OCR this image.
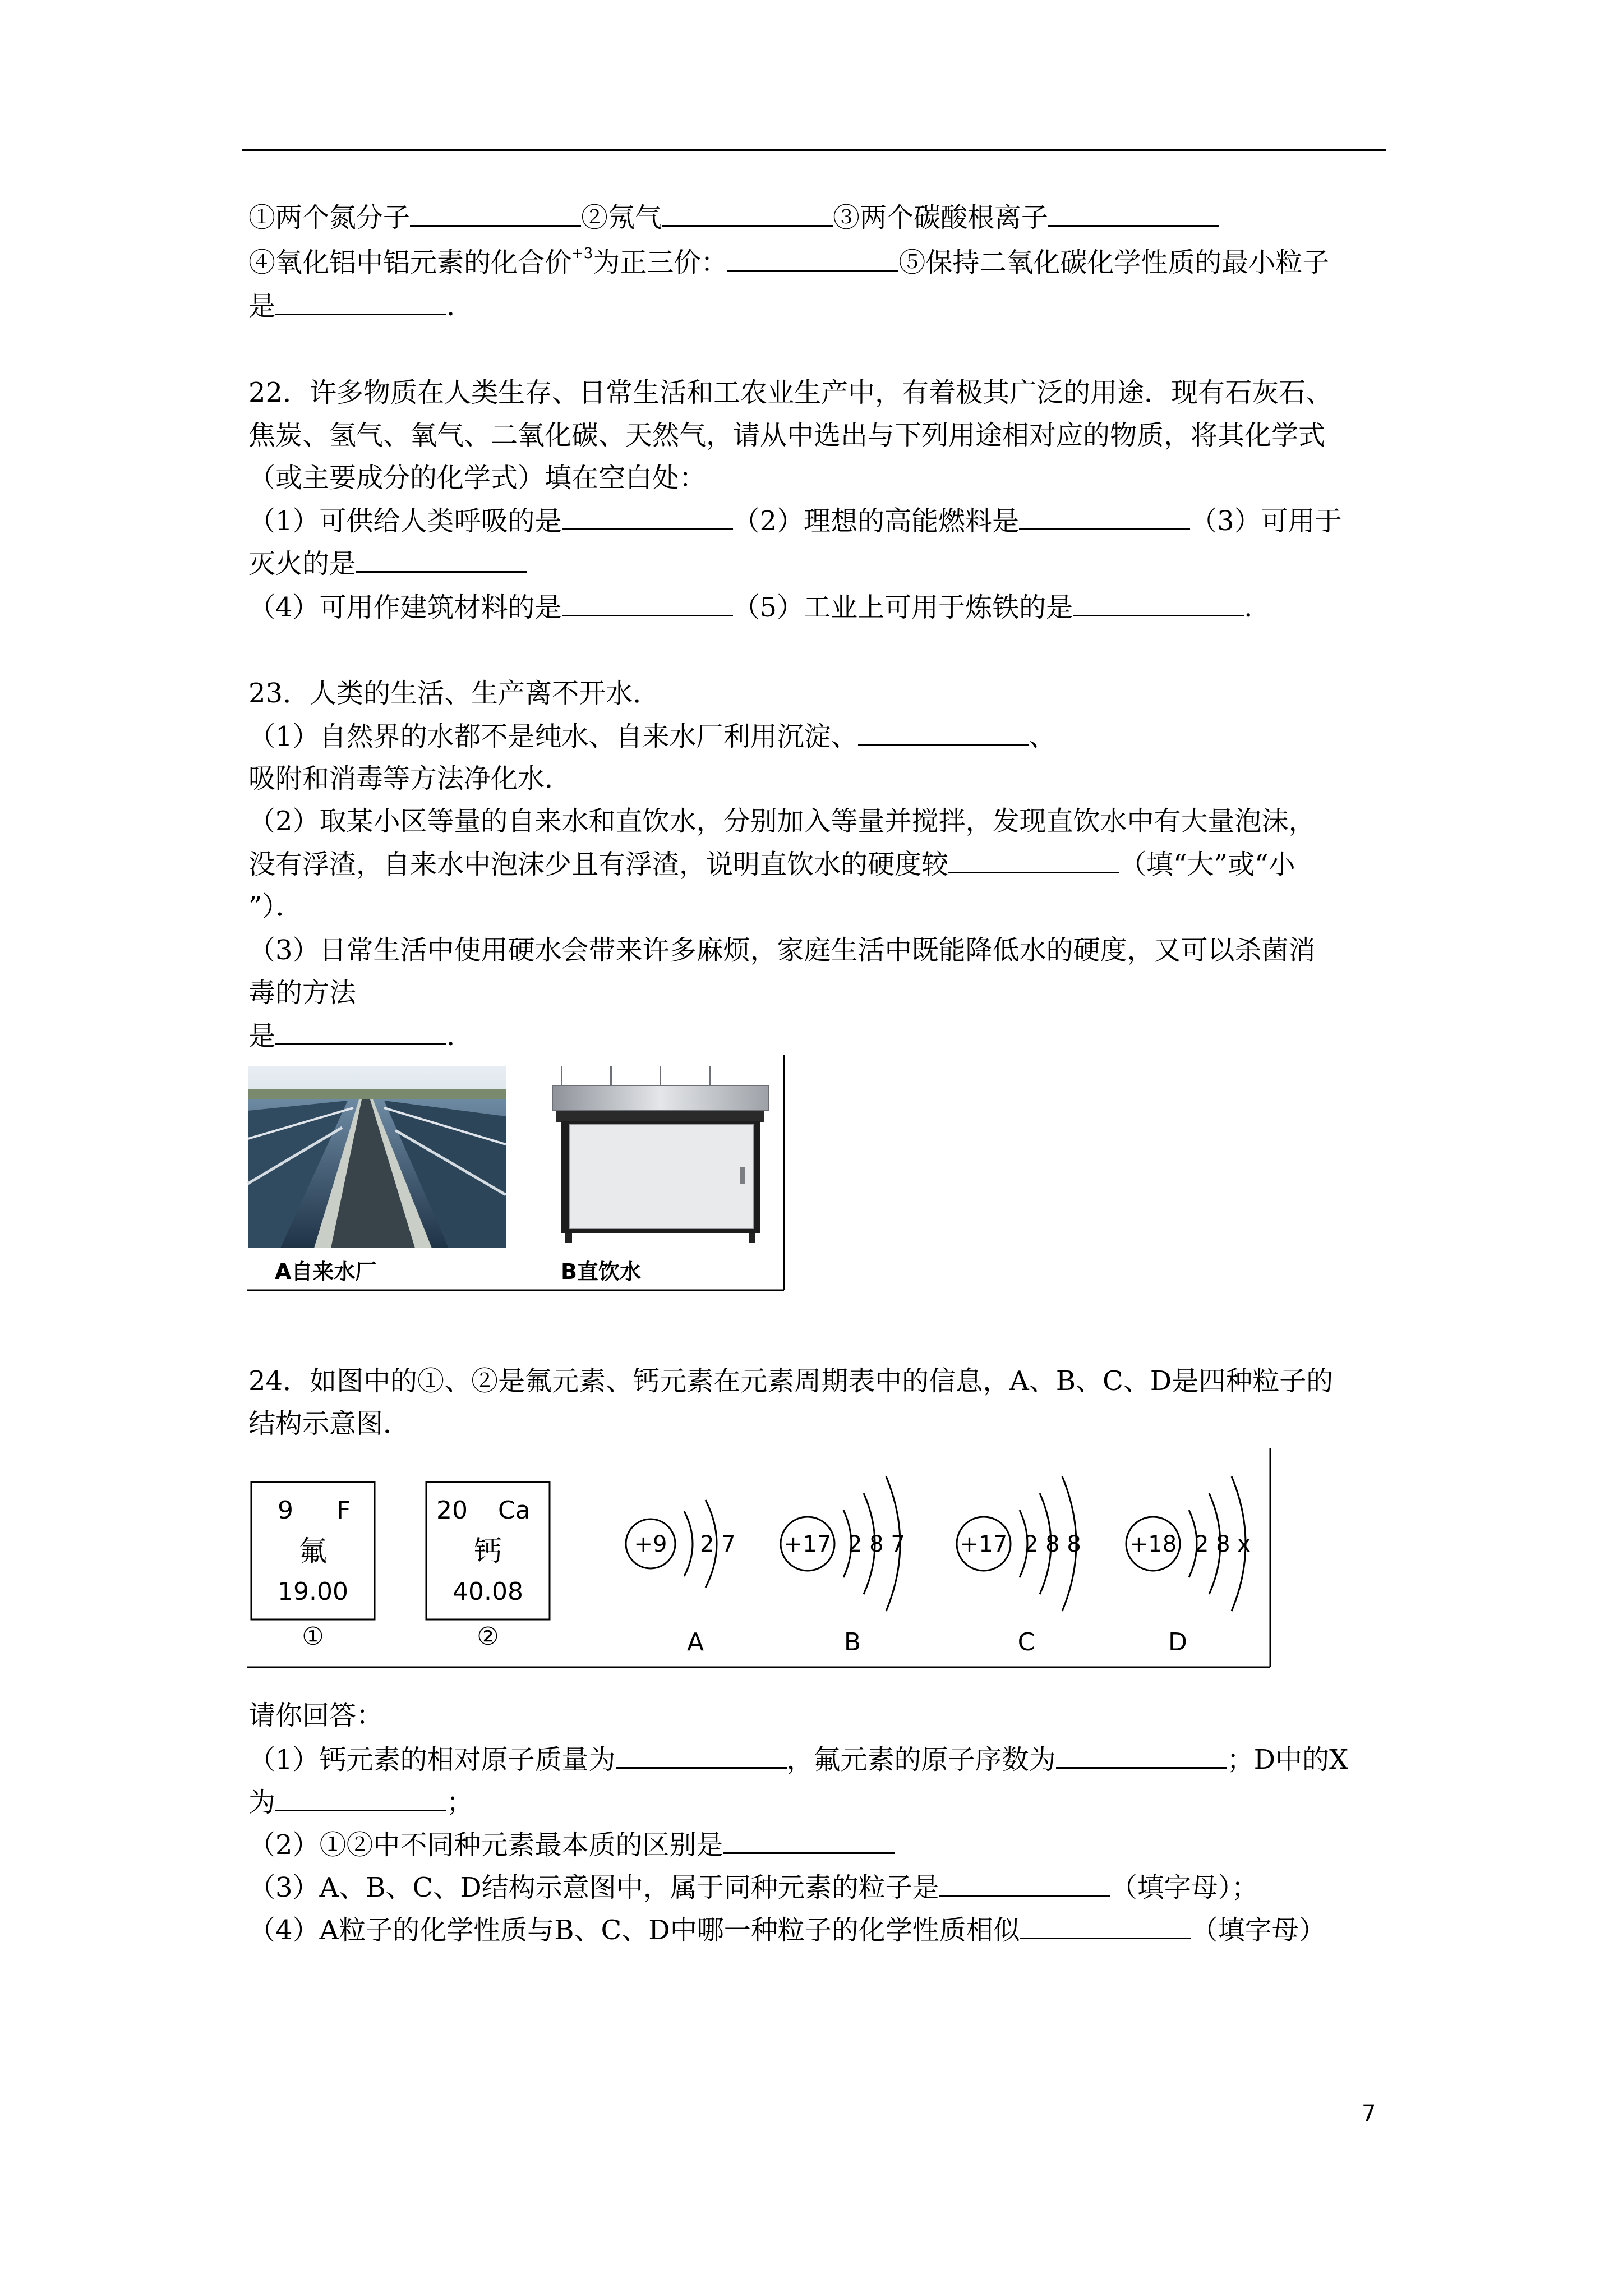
①两个氮分子	②氖气	③两个碳酸根离子
④氧化铝中铝元素的化合价$^{+3}$为正三价：	⑤保持二氧化碳化学性质的最小粒子
是	.
22．许多物质在人类生存、日常生活和工农业生产中，有着极其广泛的用途．现有石灰石、
焦炭、氢气、氧气、二氧化碳、天然气，请从中选出与下列用途相对应的物质，将其化学式
（或主要成分的化学式）填在空白处：
（1）可供给人类呼吸的是	（2）理想的高能燃料是	（3）可用于
灭火的是
（4）可用作建筑材料的是	（5）工业上可用于炼铁的是	.
23．人类的生活、生产离不开水．
（1）自然界的水都不是纯水、自来水厂利用沉淀、	、
吸附和消毒等方法净化水．
（2）取某小区等量的自来水和直饮水，分别加入等量并搅拌，发现直饮水中有大量泡沫，
没有浮渣，自来水中泡沫少且有浮渣，说明直饮水的硬度较	（填“大”或“小
”）．
（3）日常生活中使用硬水会带来许多麻烦，家庭生活中既能降低水的硬度，又可以杀菌消
毒的方法
是	.
A自来水厂	B直饮水
24．如图中的①、②是氟元素、钙元素在元素周期表中的信息，A、B、C、D是四种粒子的
结构示意图．
9 F
氟
19.00
①
20 Ca
钙
40.08
②
+9 2 7
A
+17 2 8 7
B
+17 2 8 8
C
+18 2 8 x
D
请你回答：
（1）钙元素的相对原子质量为	，氟元素的原子序数为	；D中的X
为	；
（2）①②中不同种元素最本质的区别是
（3）A、B、C、D结构示意图中，属于同种元素的粒子是	（填字母）；
（4）A粒子的化学性质与B、C、D中哪一种粒子的化学性质相似	（填字母）
7
